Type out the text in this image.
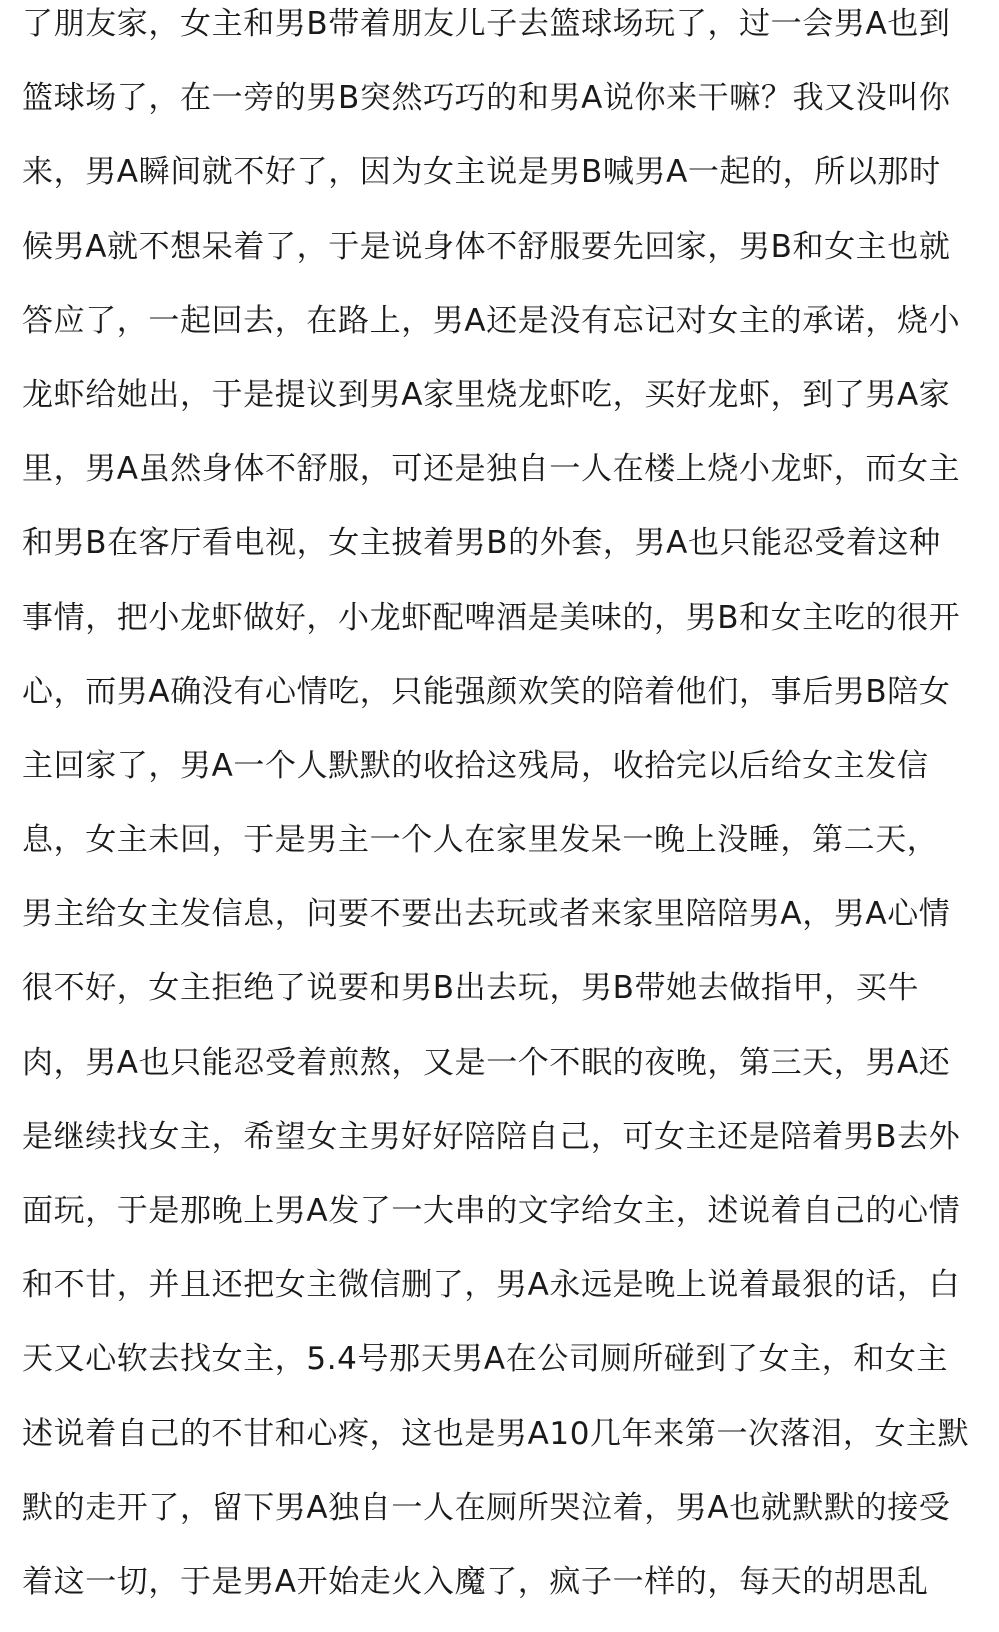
了朋友家，女主和男B带着朋友儿子去篮球场玩了，过一会男A也到
篮球场了，在一旁的男B突然巧巧的和男A说你来干嘛？我又没叫你
来，男A瞬间就不好了，因为女主说是男B喊男A一起的，所以那时
候男A就不想呆着了，于是说身体不舒服要先回家，男B和女主也就
答应了，一起回去，在路上，男A还是没有忘记对女主的承诺，烧小
龙虾给她出，于是提议到男A家里烧龙虾吃，买好龙虾，到了男A家
里，男A虽然身体不舒服，可还是独自一人在楼上烧小龙虾，而女主
和男B在客厅看电视，女主披着男B的外套，男A也只能忍受着这种
事情，把小龙虾做好，小龙虾配啤酒是美味的，男B和女主吃的很开
心，而男A确没有心情吃，只能强颜欢笑的陪着他们，事后男B陪女
主回家了，男A一个人默默的收拾这残局，收拾完以后给女主发信
息，女主未回，于是男主一个人在家里发呆一晚上没睡，第二天，
男主给女主发信息，问要不要出去玩或者来家里陪陪男A，男A心情
很不好，女主拒绝了说要和男B出去玩，男B带她去做指甲，买牛
肉，男A也只能忍受着煎熬，又是一个不眠的夜晚，第三天，男A还
是继续找女主，希望女主男好好陪陪自己，可女主还是陪着男B去外
面玩，于是那晚上男A发了一大串的文字给女主，述说着自己的心情
和不甘，并且还把女主微信删了，男A永远是晚上说着最狠的话，白
天又心软去找女主，5.4号那天男A在公司厕所碰到了女主，和女主
述说着自己的不甘和心疼，这也是男A10几年来第一次落泪，女主默
默的走开了，留下男A独自一人在厕所哭泣着，男A也就默默的接受
着这一切，于是男A开始走火入魔了，疯子一样的，每天的胡思乱
